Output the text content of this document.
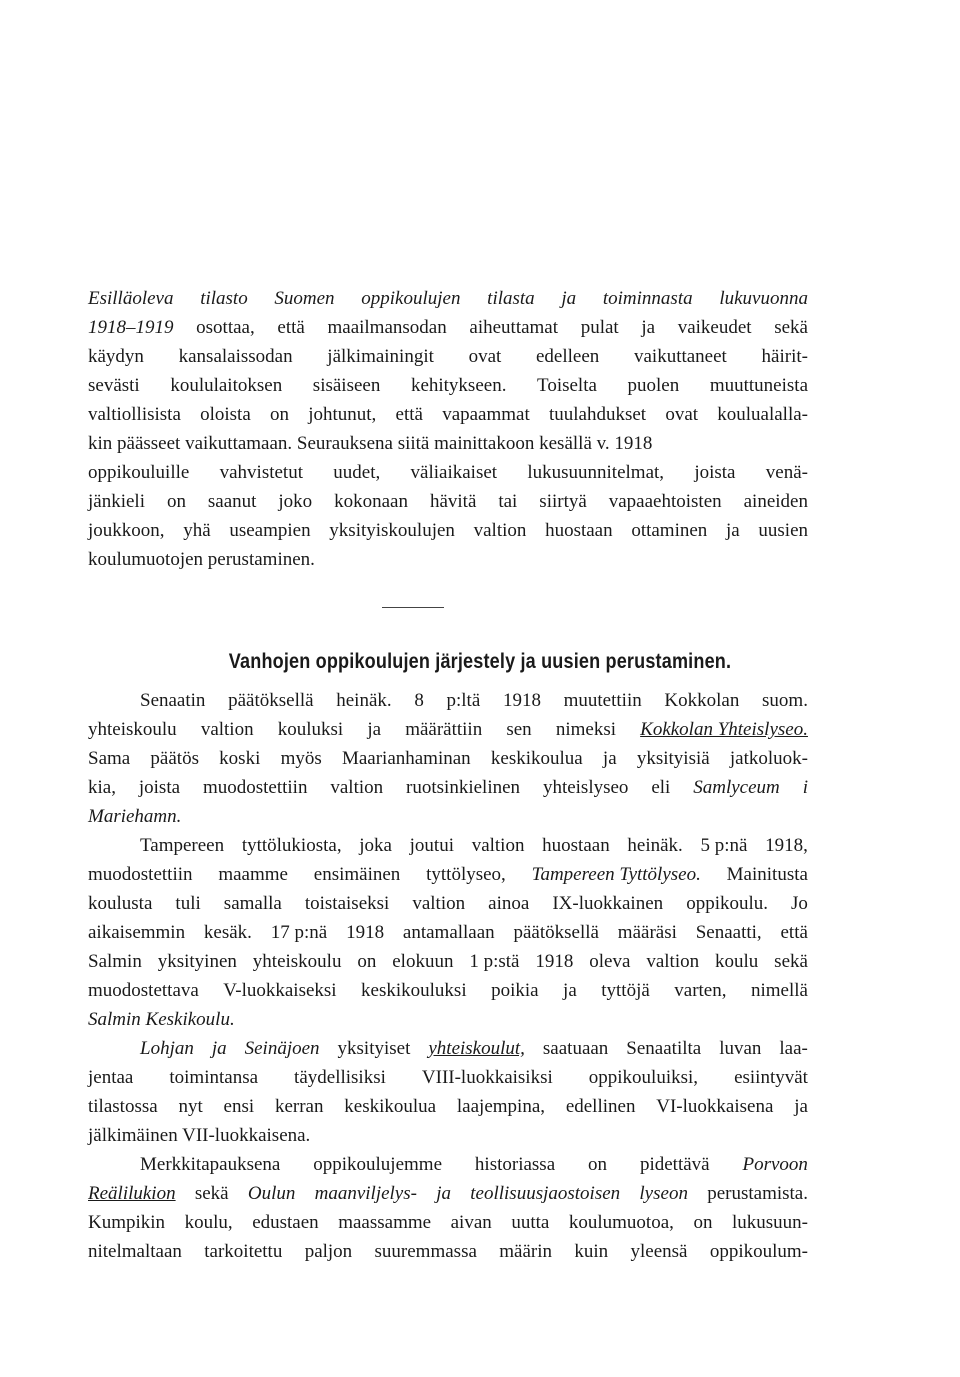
Esilläoleva tilasto Suomen oppikoulujen tilasta ja toiminnasta lukuvuonna
1918–1919 osottaa, että maailmansodan aiheuttamat pulat ja vaikeudet sekä
käydyn kansalaissodan jälkimainingit ovat edelleen vaikuttaneet häirit-
sevästi koululaitoksen sisäiseen kehitykseen. Toiselta puolen muuttuneista
valtiollisista oloista on johtunut, että vapaammat tuulahdukset ovat koulualalla-
kin päässeet vaikuttamaan. Seurauksena siitä mainittakoon kesällä v. 1918
oppikouluille vahvistetut uudet, väliaikaiset lukusuunnitelmat, joista venä-
jänkieli on saanut joko kokonaan hävitä tai siirtyä vapaaehtoisten aineiden
joukkoon, yhä useampien yksityiskoulujen valtion huostaan ottaminen ja uusien
koulumuotojen perustaminen.
Vanhojen oppikoulujen järjestely ja uusien perustaminen.
Senaatin päätöksellä heinäk. 8 p:ltä 1918 muutettiin Kokkolan suom.
yhteiskoulu valtion kouluksi ja määrättiin sen nimeksi Kokkolan Yhteislyseo.
Sama päätös koski myös Maarianhaminan keskikoulua ja yksityisiä jatkoluok-
kia, joista muodostettiin valtion ruotsinkielinen yhteislyseo eli Samlyceum i
Mariehamn.
Tampereen tyttölukiosta, joka joutui valtion huostaan heinäk. 5 p:nä 1918,
muodostettiin maamme ensimäinen tyttölyseo, Tampereen Tyttölyseo. Mainitusta
koulusta tuli samalla toistaiseksi valtion ainoa IX-luokkainen oppikoulu. Jo
aikaisemmin kesäk. 17 p:nä 1918 antamallaan päätöksellä määräsi Senaatti, että
Salmin yksityinen yhteiskoulu on elokuun 1 p:stä 1918 oleva valtion koulu sekä
muodostettava V-luokkaiseksi keskikouluksi poikia ja tyttöjä varten, nimellä
Salmin Keskikoulu.
Lohjan ja Seinäjoen yksityiset yhteiskoulut, saatuaan Senaatilta luvan laa-
jentaa toimintansa täydellisiksi VIII-luokkaisiksi oppikouluiksi, esiintyvät
tilastossa nyt ensi kerran keskikoulua laajempina, edellinen VI-luokkaisena ja
jälkimäinen VII-luokkaisena.
Merkkitapauksena oppikoulujemme historiassa on pidettävä Porvoon
Reälilukion sekä Oulun maanviljelys- ja teollisuusjaostoisen lyseon perustamista.
Kumpikin koulu, edustaen maassamme aivan uutta koulumuotoa, on lukusuun-
nitelmaltaan tarkoitettu paljon suuremmassa määrin kuin yleensä oppikoulum-
